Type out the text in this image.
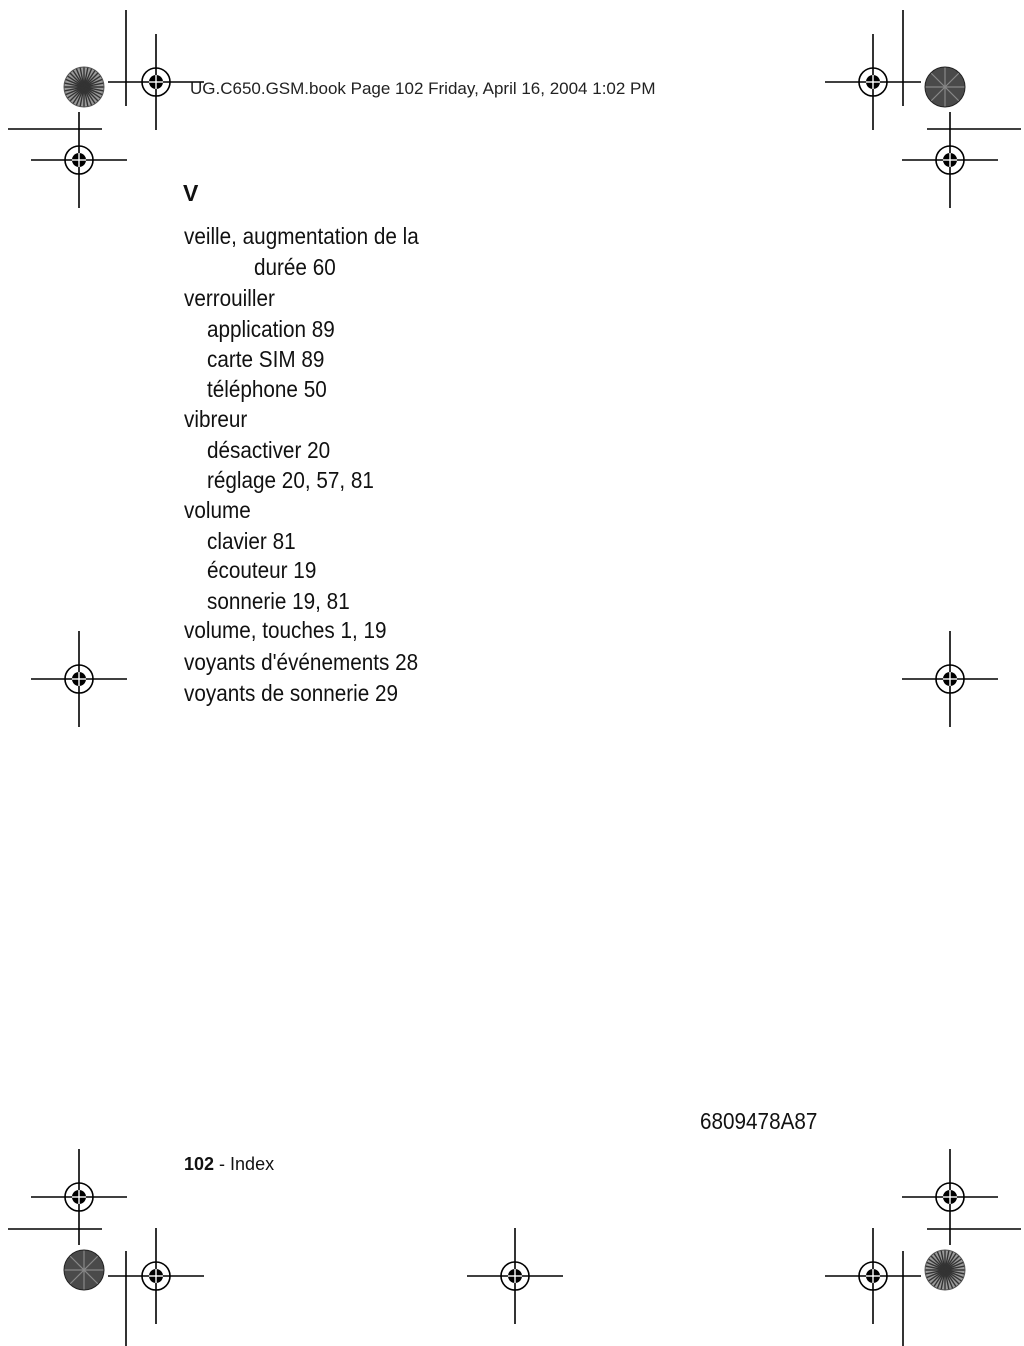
UG.C650.GSM.book Page 102 Friday, April 16, 2004 1:02 PM
V
veille, augmentation de la
durée 60
verrouiller
application 89
carte SIM 89
téléphone 50
vibreur
désactiver 20
réglage 20, 57, 81
volume
clavier 81
écouteur 19
sonnerie 19, 81
volume, touches 1, 19
voyants d'événements 28
voyants de sonnerie 29
6809478A87
102 - Index
